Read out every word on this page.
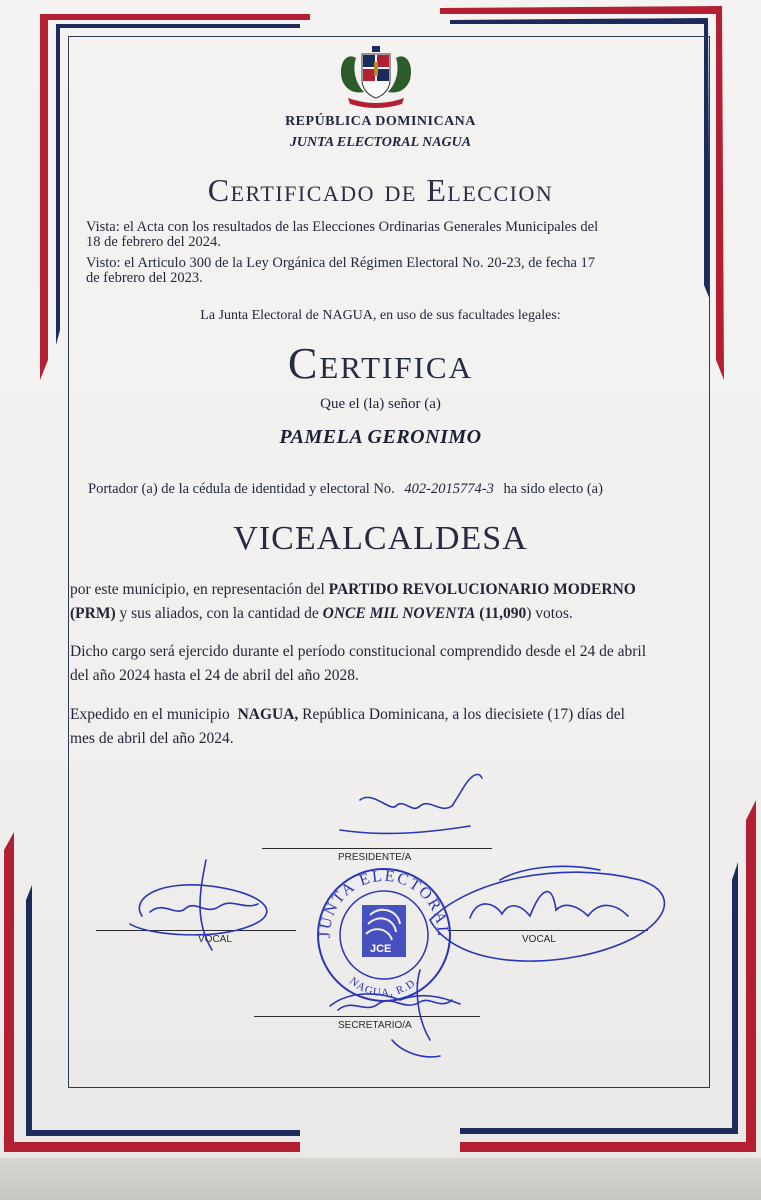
REPÚBLICA DOMINICANA
JUNTA ELECTORAL NAGUA
Certificado de Eleccion
Vista: el Acta con los resultados de las Elecciones Ordinarias Generales Municipales del
18 de febrero del 2024.
Visto: el Articulo 300 de la Ley Orgánica del Régimen Electoral No. 20-23, de fecha 17
de febrero del 2023.
La Junta Electoral de NAGUA, en uso de sus facultades legales:
Certifica
Que el (la) señor (a)
PAMELA GERONIMO
Portador (a) de la cédula de identidad y electoral No. 402-2015774-3 ha sido electo (a)
VICEALCALDESA
por este municipio, en representación del PARTIDO REVOLUCIONARIO MODERNO
(PRM) y sus aliados, con la cantidad de ONCE MIL NOVENTA (11,090) votos.
Dicho cargo será ejercido durante el período constitucional comprendido desde el 24 de abril
del año 2024 hasta el 24 de abril del año 2028.
Expedido en el municipio NAGUA, República Dominicana, a los diecisiete (17) días del
mes de abril del año 2024.
PRESIDENTE/A
VOCAL	VOCAL
SECRETARIO/A
JUNTA ELECTORAL
NAGUA, R.D.
JCE
